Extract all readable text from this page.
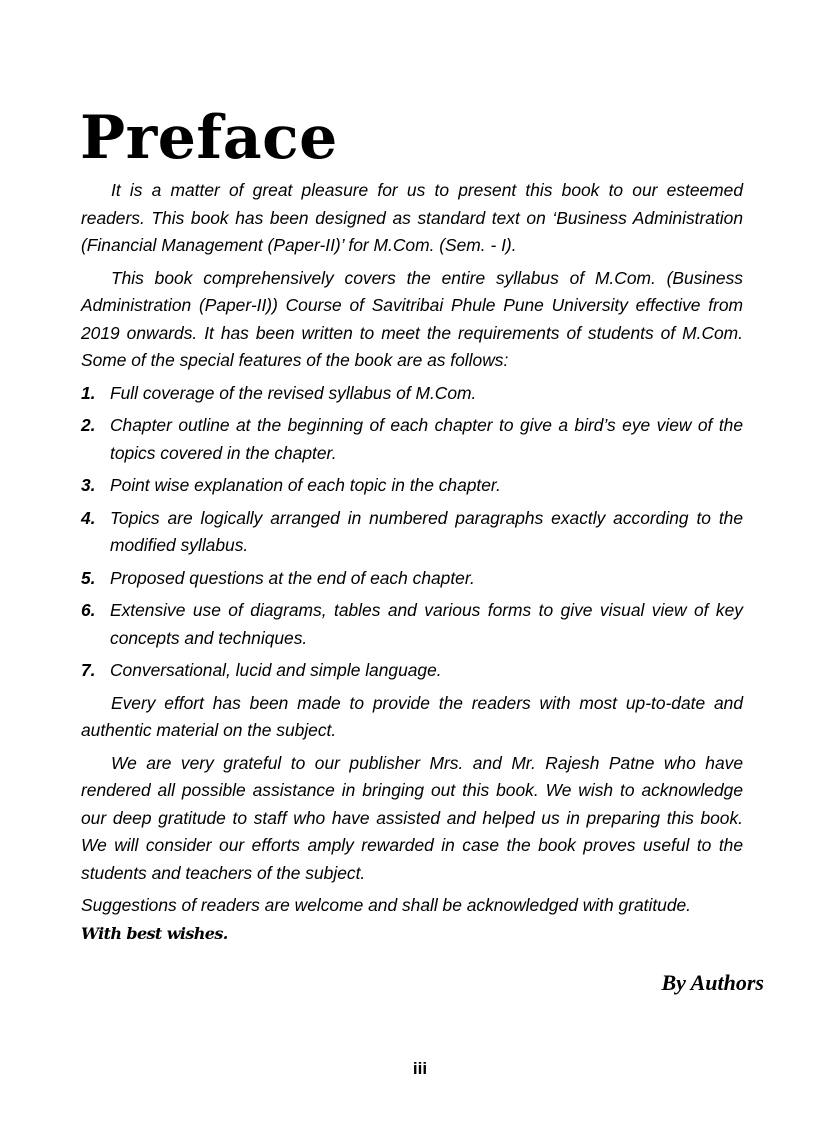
Preface

It is a matter of great pleasure for us to present this book to our esteemed readers. This book has been designed as standard text on ‘Business Administration (Financial Management (Paper-II)’ for M.Com. (Sem. - I).

This book comprehensively covers the entire syllabus of M.Com. (Business Administration (Paper-II)) Course of Savitribai Phule Pune University effective from 2019 onwards. It has been written to meet the requirements of students of M.Com. Some of the special features of the book are as follows:

1. Full coverage of the revised syllabus of M.Com.
2. Chapter outline at the beginning of each chapter to give a bird’s eye view of the topics covered in the chapter.
3. Point wise explanation of each topic in the chapter.
4. Topics are logically arranged in numbered paragraphs exactly according to the modified syllabus.
5. Proposed questions at the end of each chapter.
6. Extensive use of diagrams, tables and various forms to give visual view of key concepts and techniques.
7. Conversational, lucid and simple language.

Every effort has been made to provide the readers with most up-to-date and authentic material on the subject.

We are very grateful to our publisher Mrs. and Mr. Rajesh Patne who have rendered all possible assistance in bringing out this book. We wish to acknowledge our deep gratitude to staff who have assisted and helped us in preparing this book. We will consider our efforts amply rewarded in case the book proves useful to the students and teachers of the subject.

Suggestions of readers are welcome and shall be acknowledged with gratitude.

With best wishes.

By Authors

iii
